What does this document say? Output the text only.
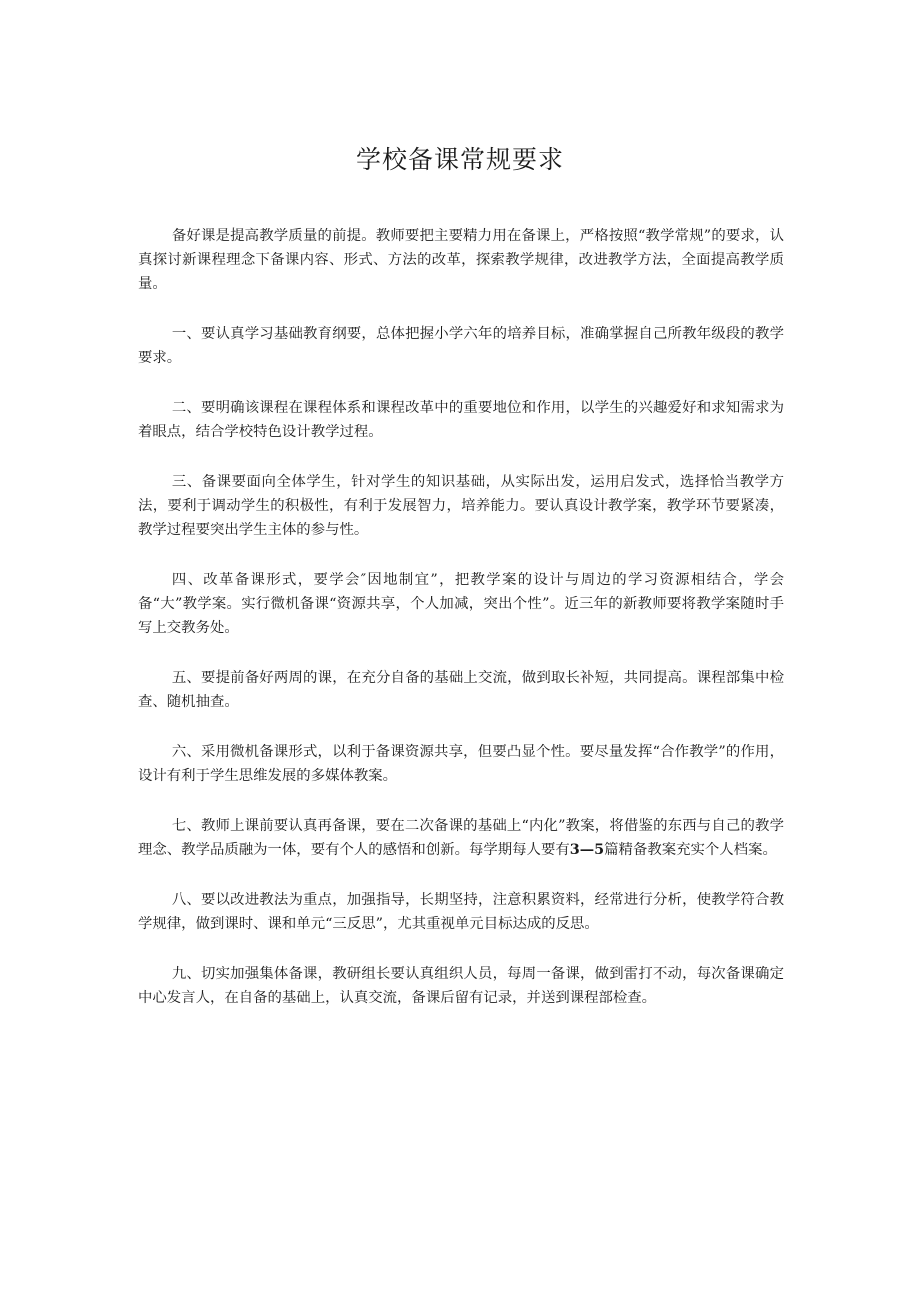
学校备课常规要求

备好课是提高教学质量的前提。教师要把主要精力用在备课上，严格按照“教学常规”的要求，认真探讨新课程理念下备课内容、形式、方法的改革，探索教学规律，改进教学方法，全面提高教学质量。

一、要认真学习基础教育纲要，总体把握小学六年的培养目标，准确掌握自己所教年级段的教学要求。

二、要明确该课程在课程体系和课程改革中的重要地位和作用，以学生的兴趣爱好和求知需求为着眼点，结合学校特色设计教学过程。

三、备课要面向全体学生，针对学生的知识基础，从实际出发，运用启发式，选择恰当教学方法，要利于调动学生的积极性，有利于发展智力，培养能力。要认真设计教学案，教学环节要紧凑，教学过程要突出学生主体的参与性。

四、改革备课形式，要学会″因地制宜”，把教学案的设计与周边的学习资源相结合，学会备“大”教学案。实行微机备课“资源共享，个人加减，突出个性”。近三年的新教师要将教学案随时手写上交教务处。

五、要提前备好两周的课，在充分自备的基础上交流，做到取长补短，共同提高。课程部集中检查、随机抽查。

六、采用微机备课形式，以利于备课资源共享，但要凸显个性。要尽量发挥“合作教学”的作用，设计有利于学生思维发展的多媒体教案。

七、教师上课前要认真再备课，要在二次备课的基础上“内化”教案，将借鉴的东西与自己的教学理念、教学品质融为一体，要有个人的感悟和创新。每学期每人要有3—5篇精备教案充实个人档案。

八、要以改进教法为重点，加强指导，长期坚持，注意积累资料，经常进行分析，使教学符合教学规律，做到课时、课和单元“三反思”，尤其重视单元目标达成的反思。

九、切实加强集体备课，教研组长要认真组织人员，每周一备课，做到雷打不动，每次备课确定中心发言人，在自备的基础上，认真交流，备课后留有记录，并送到课程部检查。
